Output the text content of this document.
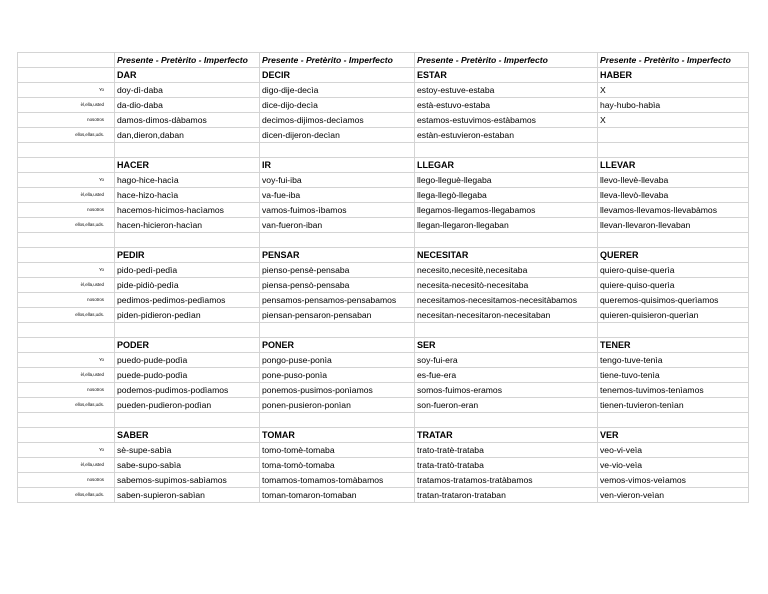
	Presente - Pretèrito - Imperfecto	Presente - Pretèrito - Imperfecto	Presente - Pretèrito - Imperfecto	Presente - Pretèrito - Imperfecto
	DAR	DECIR	ESTAR	HABER
Yo	doy-dì-daba	digo-dije-decìa	estoy-estuve-estaba	X
èl,ella,usted	da-dio-daba	dice-dijo-decìa	està-estuvo-estaba	hay-hubo-habìa
nosotros	damos-dimos-dàbamos	decimos-dijimos-decìamos	estamos-estuvimos-estàbamos	X
ellos,ellas,uds.	dan,dieron,daban	dicen-dijeron-decìan	estàn-estuvieron-estaban	

	HACER	IR	LLEGAR	LLEVAR
Yo	hago-hice-hacìa	voy-fui-iba	llego-lleguè-llegaba	llevo-llevè-llevaba
èl,ella,usted	hace-hizo-hacìa	va-fue-iba	llega-llegò-llegaba	lleva-llevò-llevaba
nosotros	hacemos-hicimos-hacìamos	vamos-fuimos-ìbamos	llegamos-llegamos-llegabamos	llevamos-llevamos-llevabàmos
ellos,ellas,uds.	hacen-hicieron-hacìan	van-fueron-iban	llegan-llegaron-llegaban	llevan-llevaron-llevaban

	PEDIR	PENSAR	NECESITAR	QUERER
Yo	pido-pedì-pedìa	pienso-pensè-pensaba	necesito,necesitè,necesitaba	quiero-quise-querìa
èl,ella,usted	pide-pidiò-pedìa	piensa-pensò-pensaba	necesita-necesitò-necesitaba	quiere-quiso-querìa
nosotros	pedimos-pedimos-pedìamos	pensamos-pensamos-pensabamos	necesitamos-necesitamos-necesitàbamos	queremos-quisimos-querìamos
ellos,ellas,uds.	piden-pidieron-pedìan	piensan-pensaron-pensaban	necesitan-necesitaron-necesitaban	quieren-quisieron-querìan

	PODER	PONER	SER	TENER
Yo	puedo-pude-podìa	pongo-puse-ponìa	soy-fui-era	tengo-tuve-tenìa
èl,ella,usted	puede-pudo-podìa	pone-puso-ponìa	es-fue-era	tiene-tuvo-tenìa
nosotros	podemos-pudimos-podìamos	ponemos-pusimos-ponìamos	somos-fuimos-eramos	tenemos-tuvimos-tenìamos
ellos,ellas,uds.	pueden-pudieron-podìan	ponen-pusieron-ponìan	son-fueron-eran	tienen-tuvieron-tenìan

	SABER	TOMAR	TRATAR	VER
Yo	sè-supe-sabìa	tomo-tomè-tomaba	trato-tratè-trataba	veo-vi-veìa
èl,ella,usted	sabe-supo-sabìa	toma-tomò-tomaba	trata-tratò-trataba	ve-vio-veìa
nosotros	sabemos-supimos-sabìamos	tomamos-tomamos-tomàbamos	tratamos-tratamos-tratàbamos	vemos-vimos-veìamos
ellos,ellas,uds.	saben-supieron-sabìan	toman-tomaron-tomaban	tratan-trataron-trataban	ven-vieron-veìan
